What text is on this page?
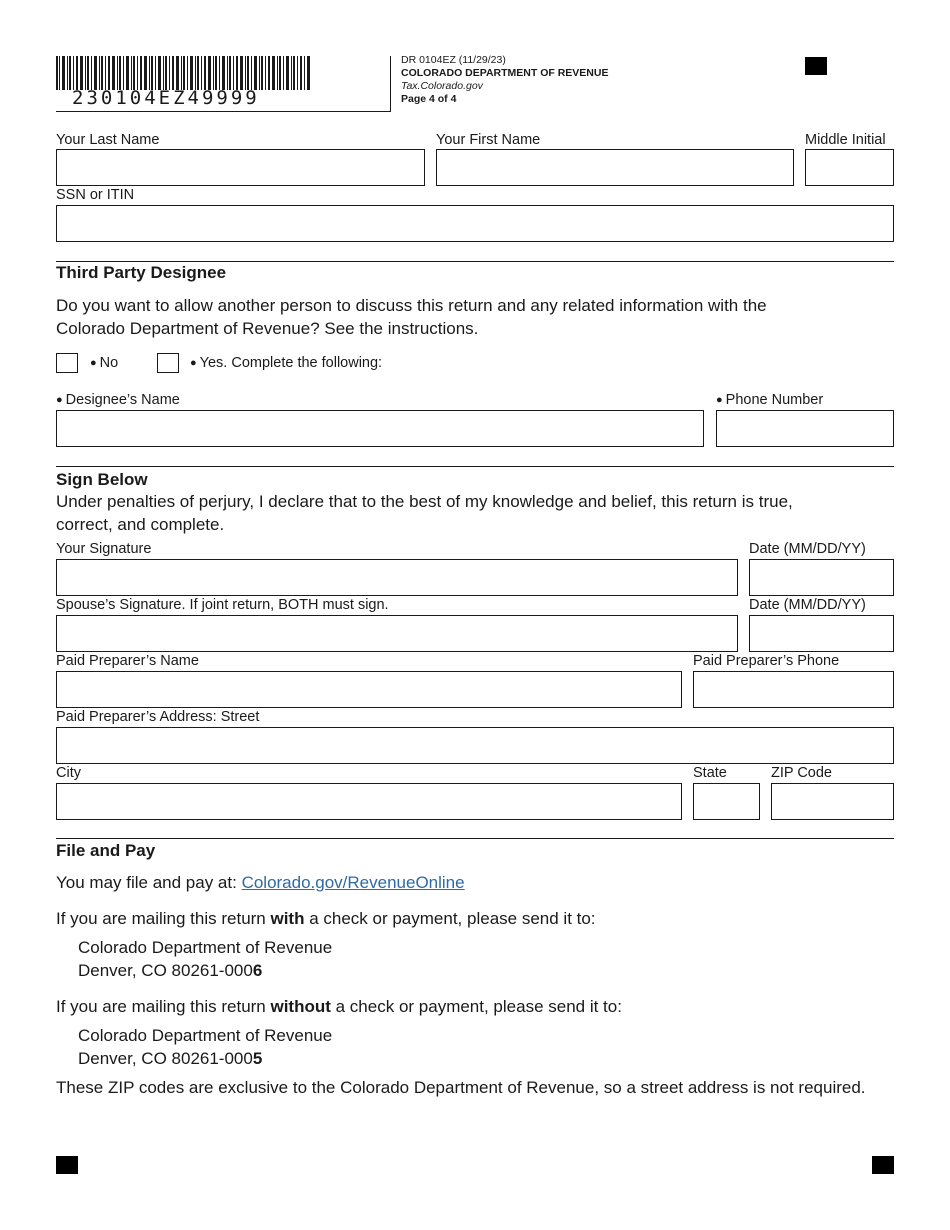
230104EZ49999
DR 0104EZ (11/29/23)
COLORADO DEPARTMENT OF REVENUE
Tax.Colorado.gov
Page 4 of 4
Your Last Name	Your First Name	Middle Initial
SSN or ITIN
Third Party Designee
Do you want to allow another person to discuss this return and any related information with the
Colorado Department of Revenue? See the instructions.
● No	● Yes. Complete the following:
● Designee’s Name	● Phone Number
Sign Below
Under penalties of perjury, I declare that to the best of my knowledge and belief, this return is true,
correct, and complete.
Your Signature	Date (MM/DD/YY)
Spouse’s Signature. If joint return, BOTH must sign.	Date (MM/DD/YY)
Paid Preparer’s Name	Paid Preparer’s Phone
Paid Preparer’s Address: Street
City	State	ZIP Code
File and Pay
You may file and pay at: Colorado.gov/RevenueOnline
If you are mailing this return with a check or payment, please send it to:
Colorado Department of Revenue
Denver, CO 80261-0006
If you are mailing this return without a check or payment, please send it to:
Colorado Department of Revenue
Denver, CO 80261-0005
These ZIP codes are exclusive to the Colorado Department of Revenue, so a street address is not required.
